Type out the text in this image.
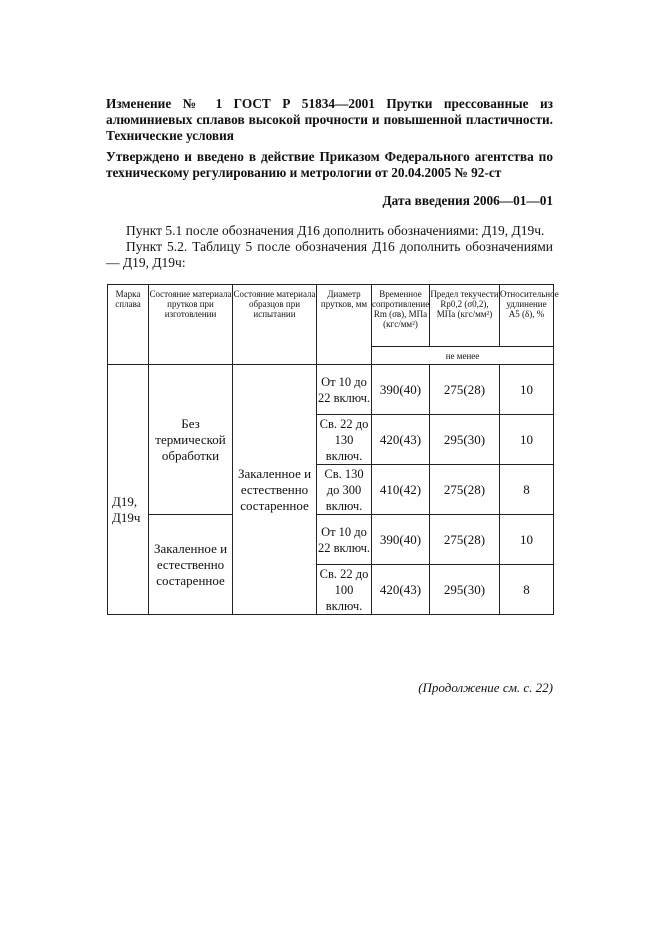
Изменение № 1 ГОСТ Р 51834—2001 Прутки прессованные из алюминиевых сплавов высокой прочности и повышенной пластичности. Технические условия
Утверждено и введено в действие Приказом Федерального агентства по техническому регулированию и метрологии от 20.04.2005 № 92-ст
Дата введения 2006—01—01
Пункт 5.1 после обозначения Д16 дополнить обозначениями: Д19, Д19ч.
Пункт 5.2. Таблицу 5 после обозначения Д16 дополнить обозначениями — Д19, Д19ч:
Марка сплава	Состояние материала прутков при изготовлении	Состояние материала образцов при испытании	Диаметр прутков, мм	Временное сопротивление Rm (σв), МПа (кгс/мм²)	Предел текучести Rp0,2 (σ0,2), МПа (кгс/мм²)	Относительное удлинение A5 (δ), %
				не менее		
Д19, Д19ч	Без термической обработки	Закаленное и естественно состаренное	От 10 до 22 включ.	390(40)	275(28)	10
			Св. 22 до 130 включ.	420(43)	295(30)	10
			Св. 130 до 300 включ.	410(42)	275(28)	8
	Закаленное и естественно состаренное		От 10 до 22 включ.	390(40)	275(28)	10
			Св. 22 до 100 включ.	420(43)	295(30)	8
(Продолжение см. с. 22)
